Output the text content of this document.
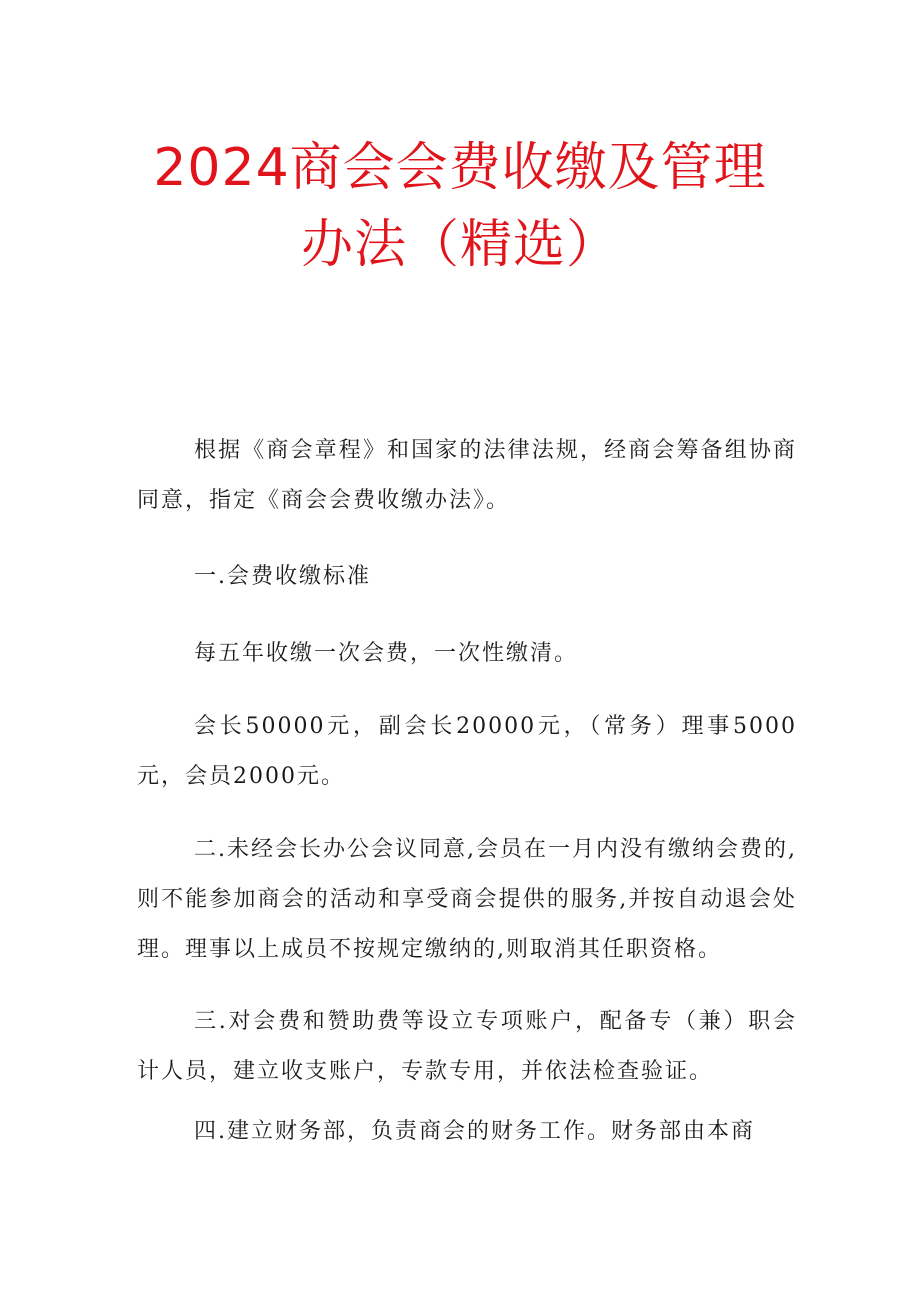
2024商会会费收缴及管理
办法（精选）

根据《商会章程》和国家的法律法规，经商会筹备组协商同意，指定《商会会费收缴办法》。

一.会费收缴标准

每五年收缴一次会费，一次性缴清。

会长50000元，副会长20000元，（常务）理事5000元，会员2000元。

二.未经会长办公会议同意,会员在一月内没有缴纳会费的,则不能参加商会的活动和享受商会提供的服务,并按自动退会处理。理事以上成员不按规定缴纳的,则取消其任职资格。

三.对会费和赞助费等设立专项账户，配备专（兼）职会计人员，建立收支账户，专款专用，并依法检查验证。

四.建立财务部，负责商会的财务工作。财务部由本商
